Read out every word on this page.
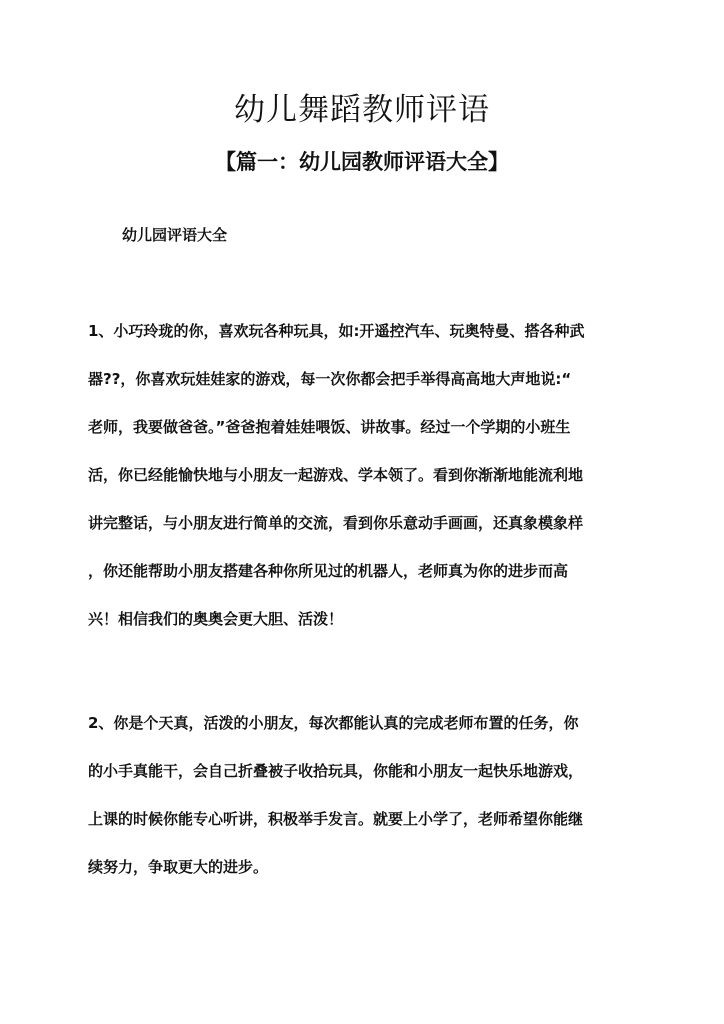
幼儿舞蹈教师评语
【篇一：幼儿园教师评语大全】
幼儿园评语大全
1、小巧玲珑的你，喜欢玩各种玩具，如:开遥控汽车、玩奥特曼、搭各种武
器??，你喜欢玩娃娃家的游戏，每一次你都会把手举得高高地大声地说:“
老师，我要做爸爸。”爸爸抱着娃娃喂饭、讲故事。经过一个学期的小班生
活，你已经能愉快地与小朋友一起游戏、学本领了。看到你渐渐地能流利地
讲完整话，与小朋友进行简单的交流，看到你乐意动手画画，还真象模象样
，你还能帮助小朋友搭建各种你所见过的机器人，老师真为你的进步而高
兴！相信我们的奥奥会更大胆、活泼！
2、你是个天真，活泼的小朋友，每次都能认真的完成老师布置的任务，你
的小手真能干，会自己折叠被子收拾玩具，你能和小朋友一起快乐地游戏，
上课的时候你能专心听讲，积极举手发言。就要上小学了，老师希望你能继
续努力，争取更大的进步。
